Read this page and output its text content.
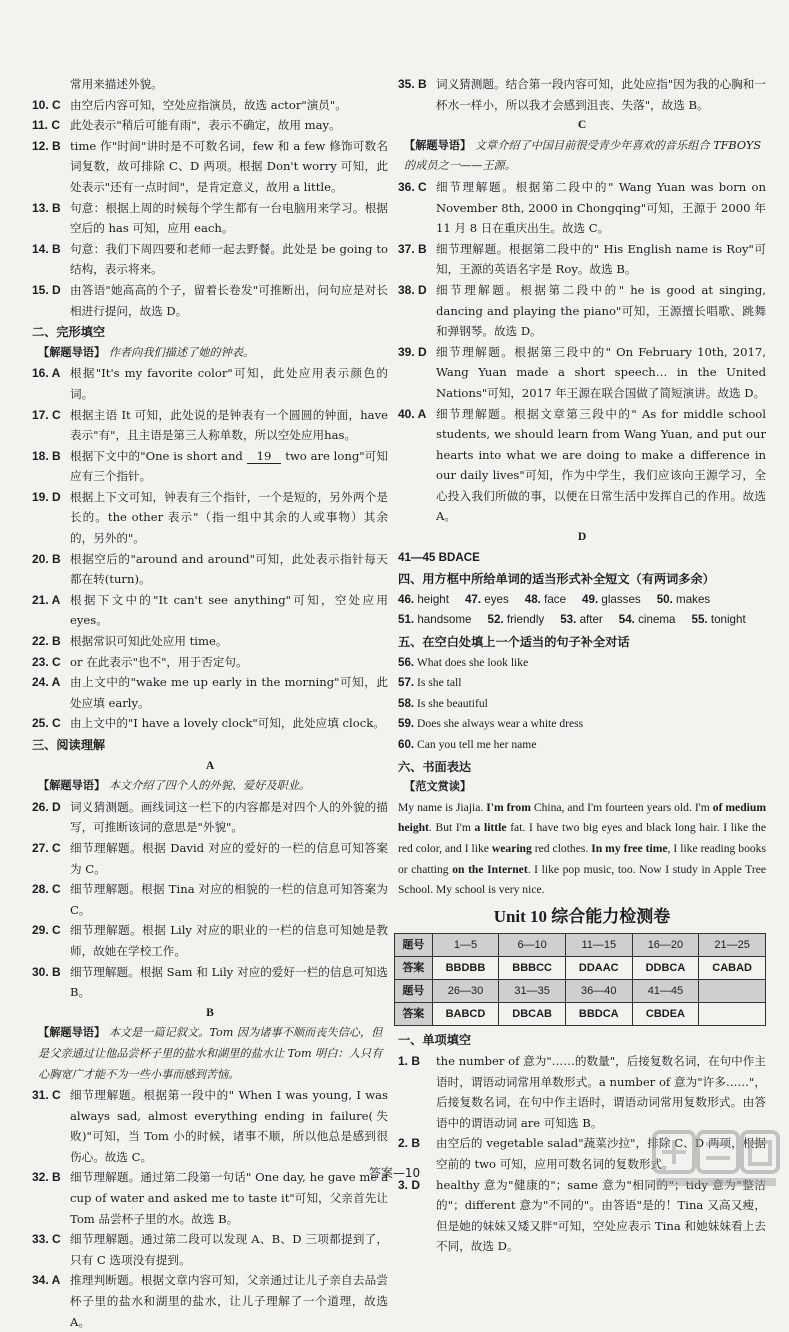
常用来描述外貌。
10. C 由空后内容可知，空处应指演员，故选 actor"演员"。
11. C 此处表示"稍后可能有雨"，表示不确定，故用 may。
12. B time 作"时间"讲时是不可数名词，few 和 a few 修饰可数名词复数，故可排除 C、D 两项。根据 Don't worry 可知，此处表示"还有一点时间"，是肯定意义，故用 a little。
13. B 句意：根据上周的时候每个学生都有一台电脑用来学习。根据空后的 has 可知，应用 each。
14. B 句意：我们下周四要和老师一起去野餐。此处是 be going to 结构，表示将来。
15. D 由答语"她高高的个子，留着长卷发"可推断出，问句应是对长相进行提问，故选 D。
二、完形填空
【解题导语】 作者向我们描述了她的钟表。
16. A 根据"It's my favorite color"可知，此处应用表示颜色的词。
17. C 根据主语 It 可知，此处说的是钟表有一个圆圆的钟面，have 表示"有"，且主语是第三人称单数，所以空处应用has。
18. B 根据下文中的"One is short and 19 two are long"可知应有三个指针。
19. D 根据上下文可知，钟表有三个指针，一个是短的，另外两个是长的。the other 表示"（指一组中其余的人或事物）其余的，另外的"。
20. B 根据空后的"around and around"可知，此处表示指针每天都在转(turn)。
21. A 根据下文中的"It can't see anything"可知，空处应用 eyes。
22. B 根据常识可知此处应用 time。
23. C or 在此表示"也不"，用于否定句。
24. A 由上文中的"wake me up early in the morning"可知，此处应填 early。
25. C 由上文中的"I have a lovely clock"可知，此处应填 clock。
三、阅读理解
A
【解题导语】 本文介绍了四个人的外貌、爱好及职业。
26. D 词义猜测题。画线词这一栏下的内容都是对四个人的外貌的描写，可推断该词的意思是"外貌"。
27. C 细节理解题。根据 David 对应的爱好的一栏的信息可知答案为 C。
28. C 细节理解题。根据 Tina 对应的相貌的一栏的信息可知答案为 C。
29. C 细节理解题。根据 Lily 对应的职业的一栏的信息可知她是教师，故她在学校工作。
30. B 细节理解题。根据 Sam 和 Lily 对应的爱好一栏的信息可知选 B。
B
【解题导语】 本文是一篇记叙文。Tom 因为诸事不顺而丧失信心，但是父亲通过让他品尝杯子里的盐水和湖里的盐水让 Tom 明白：人只有心胸宽广才能不为一些小事而感到苦恼。
31. C 细节理解题。根据第一段中的" When I was young, I was always sad, almost everything ending in failure(失败)"可知，当 Tom 小的时候，诸事不顺，所以他总是感到很伤心。故选 C。
32. B 细节理解题。通过第二段第一句话" One day, he gave me a cup of water and asked me to taste it"可知，父亲首先让 Tom 品尝杯子里的水。故选 B。
33. C 细节理解题。通过第二段可以发现 A、B、D 三项都提到了，只有 C 选项没有提到。
34. A 推理判断题。根据文章内容可知，父亲通过让儿子亲自去品尝杯子里的盐水和湖里的盐水，让儿子理解了一个道理，故选 A。
35. B 词义猜测题。结合第一段内容可知，此处应指"因为我的心胸和一杯水一样小，所以我才会感到沮丧、失落"，故选 B。
C
【解题导语】 文章介绍了中国目前很受青少年喜欢的音乐组合 TFBOYS 的成员之一——王源。
36. C 细节理解题。根据第二段中的" Wang Yuan was born on November 8th, 2000 in Chongqing"可知，王源于 2000 年 11 月 8 日在重庆出生。故选 C。
37. B 细节理解题。根据第二段中的" His English name is Roy"可知，王源的英语名字是 Roy。故选 B。
38. D 细节理解题。根据第二段中的" he is good at singing, dancing and playing the piano"可知，王源擅长唱歌、跳舞和弹钢琴。故选 D。
39. D 细节理解题。根据第三段中的" On February 10th, 2017, Wang Yuan made a short speech… in the United Nations"可知，2017 年王源在联合国做了简短演讲。故选 D。
40. A 细节理解题。根据文章第三段中的" As for middle school students, we should learn from Wang Yuan, and put our hearts into what we are doing to make a difference in our daily lives"可知，作为中学生，我们应该向王源学习，全心投入我们所做的事，以便在日常生活中发挥自己的作用。故选 A。
D
41—45 BDACE
四、用方框中所给单词的适当形式补全短文（有两词多余）
46. height 47. eyes 48. face 49. glasses 50. makes
51. handsome 52. friendly 53. after 54. cinema 55. tonight
五、在空白处填上一个适当的句子补全对话
56. What does she look like
57. Is she tall
58. Is she beautiful
59. Does she always wear a white dress
60. Can you tell me her name
六、书面表达
【范文赏读】
My name is Jiajia. I'm from China, and I'm fourteen years old. I'm of medium height. But I'm a little fat. I have two big eyes and black long hair. I like the red color, and I like wearing red clothes. In my free time, I like reading books or chatting on the Internet. I like pop music, too. Now I study in Apple Tree School. My school is very nice.
Unit 10 综合能力检测卷
题号	1—5	6—10	11—15	16—20	21—25
答案	BBDBB	BBBCC	DDAAC	DDBCA	CABAD
题号	26—30	31—35	36—40	41—45	
答案	BABCD	DBCAB	BBDCA	CBDEA	
一、单项填空
1. B	the number of 意为"……的数量"，后接复数名词，在句中作主语时，谓语动词常用单数形式。a number of 意为"许多……"，后接复数名词，在句中作主语时，谓语动词常用复数形式。由答语中的谓语动词 are 可知选 B。
2. B	由空后的 vegetable salad"蔬菜沙拉"，排除 C、D 两项，根据空前的 two 可知，应用可数名词的复数形式。
3. D	healthy 意为"健康的"；same 意为"相同的"；tidy 意为"整洁的"；different 意为"不同的"。由答语"是的！Tina 又高又瘦，但是她的妹妹又矮又胖"可知，空处应表示 Tina 和她妹妹看上去不同，故选 D。
答案—10
